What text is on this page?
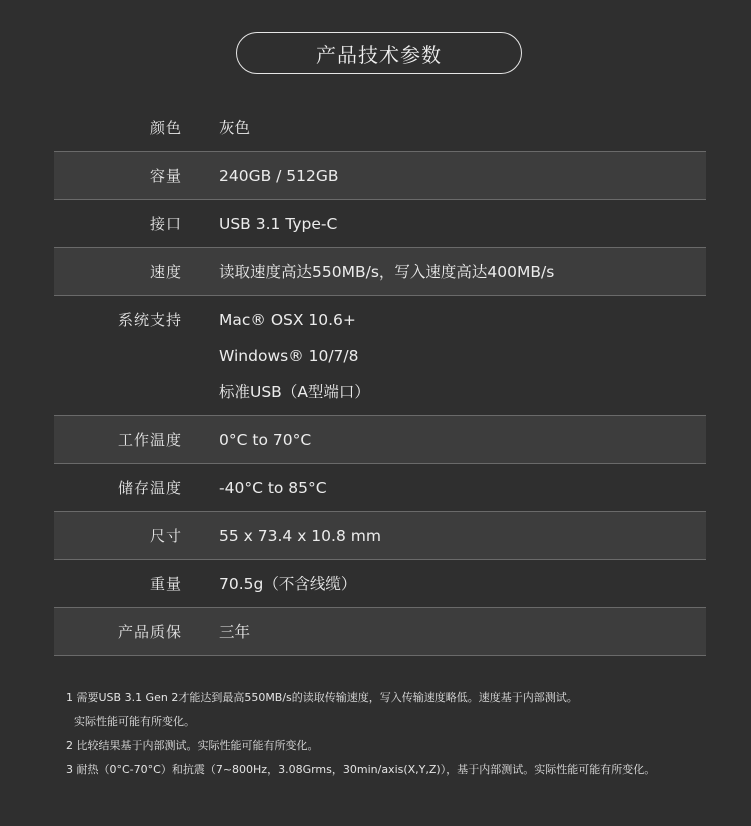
产品技术参数
颜色 灰色
容量 240GB / 512GB
接口 USB 3.1 Type-C
速度 读取速度高达550MB/s，写入速度高达400MB/s
系统支持 Mac® OSX 10.6+
Windows® 10/7/8
标准USB（A型端口）
工作温度 0°C to 70°C
储存温度 -40°C to 85°C
尺寸 55 x 73.4 x 10.8 mm
重量 70.5g（不含线缆）
产品质保 三年
1 需要USB 3.1 Gen 2才能达到最高550MB/s的读取传输速度，写入传输速度略低。速度基于内部测试。
实际性能可能有所变化。
2 比较结果基于内部测试。实际性能可能有所变化。
3 耐热（0°C-70°C）和抗震（7~800Hz，3.08Grms，30min/axis(X,Y,Z)），基于内部测试。实际性能可能有所变化。
